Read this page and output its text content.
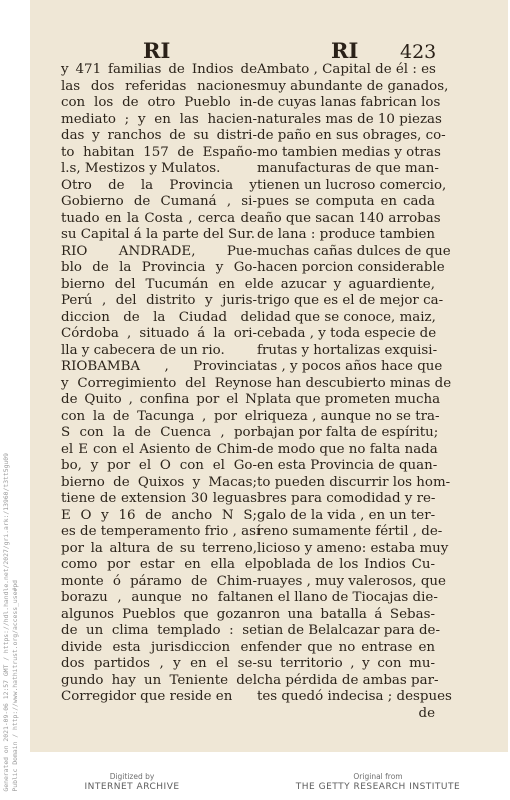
Generated on 2021-09-06 12:57 GMT / https://hdl.handle.net/2027/gri.ark:/13960/t3tt5gu09 Public Domain / http://www.hathitrust.org/access_use#pd
RI	RI 423
y 471 familias de Indios de
las dos referidas naciones
con los de otro Pueblo in-
mediato ; y en las hacien-
das y ranchos de su distri-
to habitan 157 de Españo-
l.s, Mestizos y Mulatos.
Otro de la Provincia y
Gobierno de Cumaná , si-
tuado en la Costa , cerca de
su Capital á la parte del Sur.
RIO ANDRADE, Pue-
blo de la Provincia y Go-
bierno del Tucumán en el
Perú , del distrito y juris-
diccion de la Ciudad de
Córdoba , situado á la ori-
lla y cabecera de un rio.
RIOBAMBA , Provincia
y Corregimiento del Reyno
de Quito , confina por el N
con la de Tacunga , por el
S con la de Cuenca , por
el E con el Asiento de Chim-
bo, y por el O con el Go-
bierno de Quixos y Macas;
tiene de extension 30 leguas
E O y 16 de ancho N S;
es de temperamento frio , así
por la altura de su terreno,
como por estar en ella el
monte ó páramo de Chim-
borazu , aunque no faltan
algunos Pueblos que gozan
de un clima templado : se
divide esta jurisdiccion en
dos partidos , y en el se-
gundo hay un Teniente del
Corregidor que reside en
Ambato , Capital de él : es
muy abundante de ganados,
de cuyas lanas fabrican los
naturales mas de 10 piezas
de paño en sus obrages, co-
mo tambien medias y otras
manufacturas de que man-
tienen un lucroso comercio,
pues se computa en cada
año que sacan 140 arrobas
de lana : produce tambien
muchas cañas dulces de que
hacen porcion considerable
de azucar y aguardiente,
trigo que es el de mejor ca-
lidad que se conoce, maiz,
cebada , y toda especie de
frutas y hortalizas exquisi-
tas , y pocos años hace que
se han descubierto minas de
plata que prometen mucha
riqueza , aunque no se tra-
bajan por falta de espíritu;
de modo que no falta nada
en esta Provincia de quan-
to pueden discurrir los hom-
bres para comodidad y re-
galo de la vida , en un ter-
reno sumamente fértil , de-
licioso y ameno: estaba muy
poblada de los Indios Cu-
ruayes , muy valerosos, que
en el llano de Tiocajas die-
ron una batalla á Sebas-
tian de Belalcazar para de-
fender que no entrase en
su territorio , y con mu-
cha pérdida de ambas par-
tes quedó indecisa ; despues
de
Digitized by
INTERNET ARCHIVE
Original from
THE GETTY RESEARCH INSTITUTE
